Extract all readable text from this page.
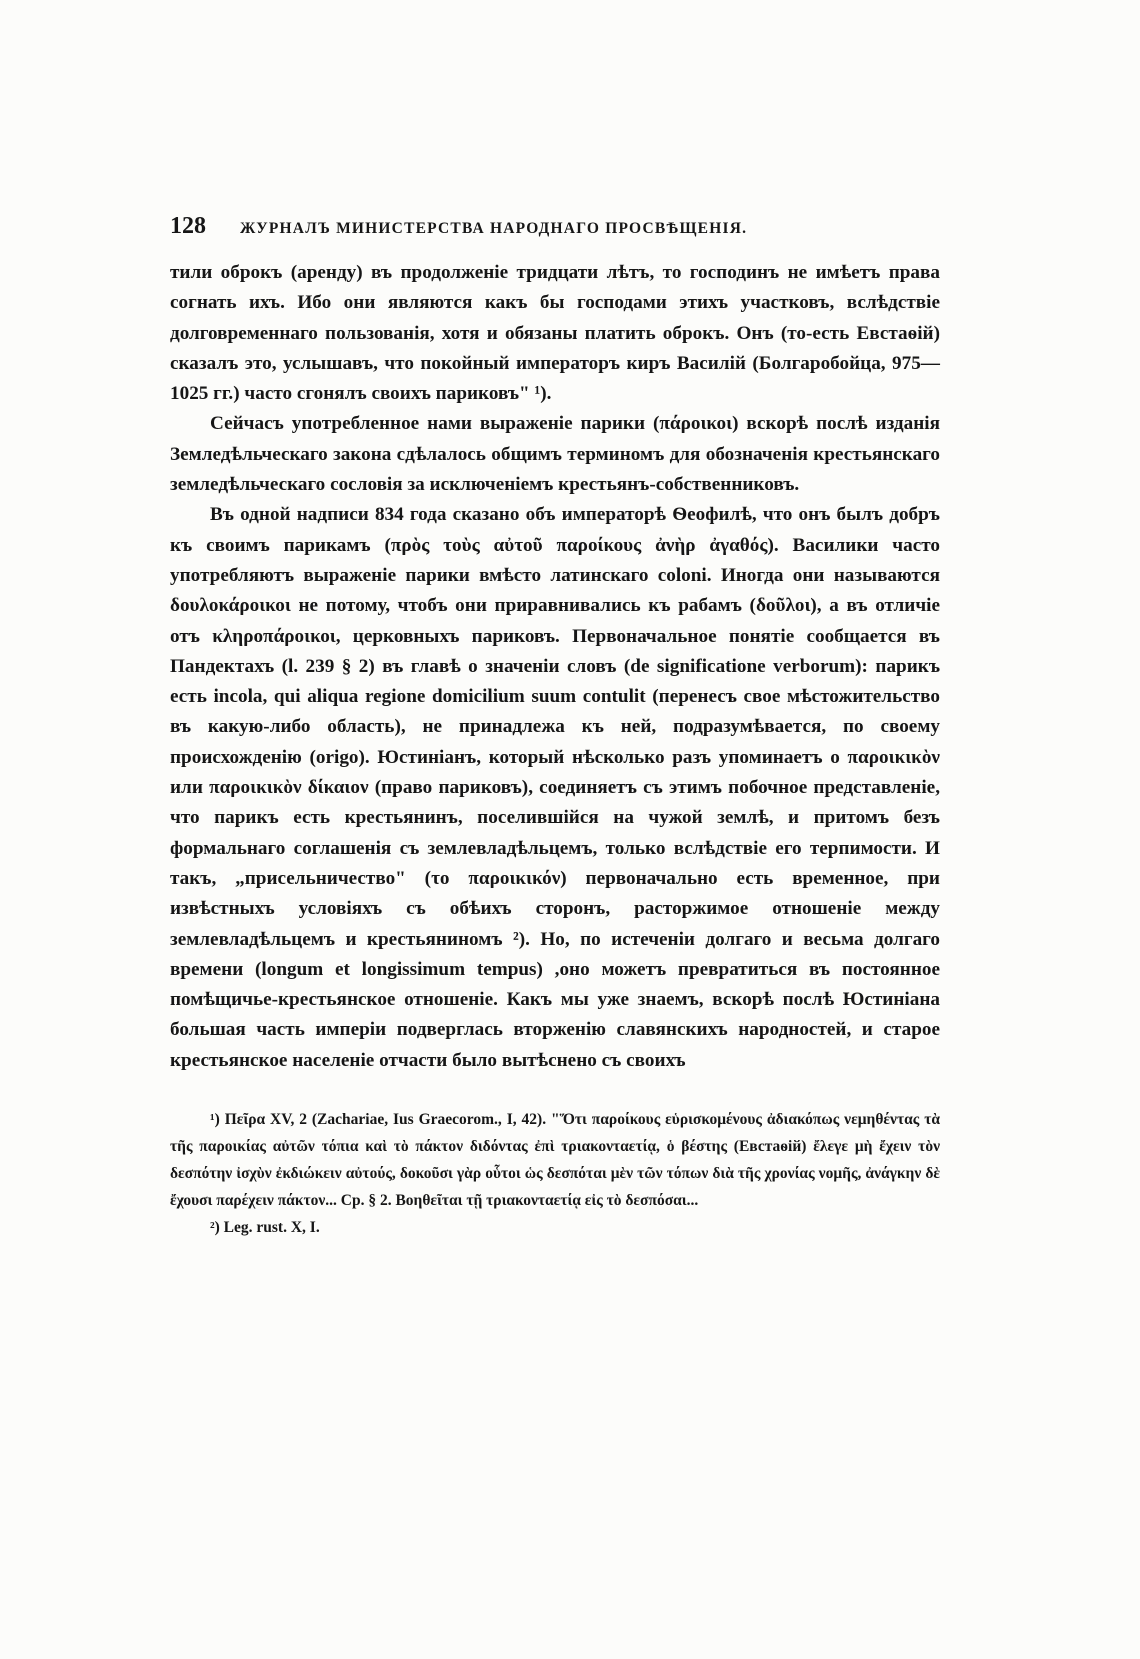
128	ЖУРНАЛЪ МИНИСТЕРСТВА НАРОДНАГО ПРОСВѢЩЕНІЯ.

тили оброкъ (аренду) въ продолженіе тридцати лѣтъ, то господинъ не имѣетъ права согнать ихъ. Ибо они являются какъ бы господами этихъ участковъ, вслѣдствіе долговременнаго пользованія, хотя и обязаны платить оброкъ. Онъ (то-есть Евстаѳій) сказалъ это, услышавъ, что покойный императоръ киръ Василій (Болгаробойца, 975—1025 гг.) часто сгонялъ своихъ париковъ" ¹).

Сейчасъ употребленное нами выраженіе парики (πάροικοι) вскорѣ послѣ изданія Земледѣльческаго закона сдѣлалось общимъ терминомъ для обозначенія крестьянскаго земледѣльческаго сословія за исключеніемъ крестьянъ-собственниковъ.

Въ одной надписи 834 года сказано объ императорѣ Ѳеофилѣ, что онъ былъ добръ къ своимъ парикамъ (πρὸς τοὺς αὐτοῦ παροίκους ἀνὴρ ἀγαθός). Василики часто употребляютъ выраженіе парики вмѣсто латинскаго coloni. Иногда они называются δουλοκάροικοι не потому, чтобъ они приравнивались къ рабамъ (δοῦλοι), а въ отличіе отъ κληροπάροικοι, церковныхъ париковъ. Первоначальное понятіе сообщается въ Пандектахъ (l. 239 § 2) въ главѣ о значеніи словъ (de significatione verborum): парикъ есть incola, qui aliqua regione domicilium suum contulit (перенесъ свое мѣстожительство въ какую-либо область), не принадлежа къ ней, подразумѣвается, по своему происхожденію (origo). Юстиніанъ, который нѣсколько разъ упоминаетъ о παροικικὸν или παροικικὸν δίκαιον (право париковъ), соединяетъ съ этимъ побочное представленіе, что парикъ есть крестьянинъ, поселившійся на чужой землѣ, и притомъ безъ формальнаго соглашенія съ землевладѣльцемъ, только вслѣдствіе его терпимости. И такъ, „присельничество" (το παροικικόν) первоначально есть временное, при извѣстныхъ условіяхъ съ обѣихъ сторонъ, расторжимое отношеніе между землевладѣльцемъ и крестьяниномъ ²). Но, по истеченіи долгаго и весьма долгаго времени (longum et longissimum tempus) ,оно можетъ превратиться въ постоянное помѣщичье-крестьянское отношеніе. Какъ мы уже знаемъ, вскорѣ послѣ Юстиніана большая часть имперіи подверглась вторженію славянскихъ народностей, и старое крестьянское населеніе отчасти было вытѣснено съ своихъ

¹) Πεῖρα XV, 2 (Zachariae, Ius Graecorom., I, 42). "Ὅτι παροίκους εὑρισκομένους ἀδιακόπως νεμηθέντας τὰ τῆς παροικίας αὐτῶν τόπια καὶ τὸ πάκτον διδόντας ἐπὶ τριακονταετίᾳ, ὁ βέστης (Евстаѳій) ἔλεγε μὴ ἔχειν τὸν δεσπότην ἰσχὺν ἐκδιώκειν αὐτούς, δοκοῦσι γὰρ οὗτοι ὡς δεσπόται μὲν τῶν τόπων διὰ τῆς χρονίας νομῆς, ἀνάγκην δὲ ἔχουσι παρέχειν πάκτον... Cp. § 2. Βοηθεῖται τῇ τριακονταετίᾳ εἰς τὸ δεσπόσαι...

²) Leg. rust. X, I.
